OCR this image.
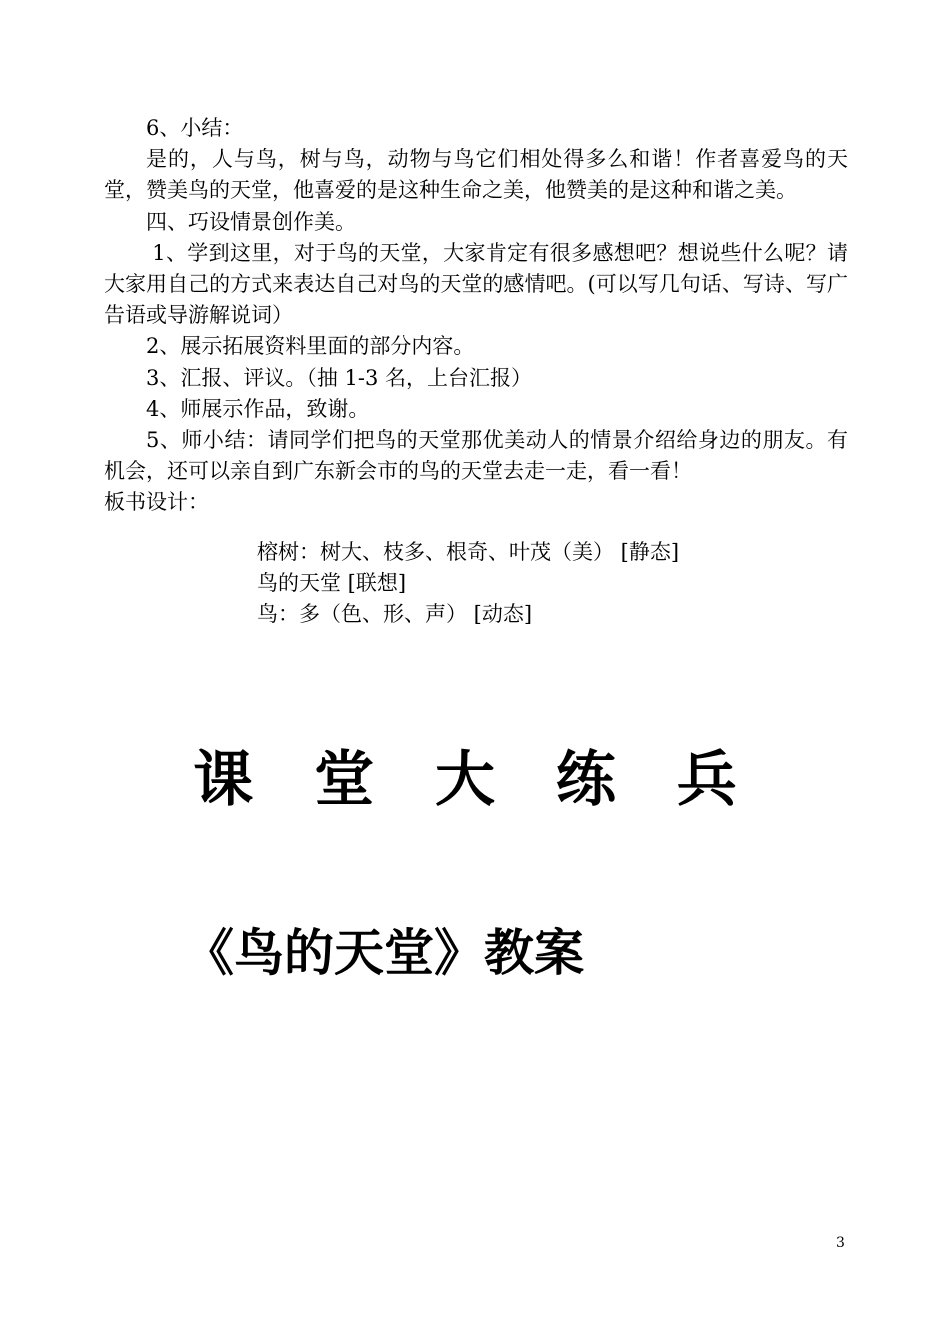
6、小结：

是的，人与鸟，树与鸟，动物与鸟它们相处得多么和谐！作者喜爱鸟的天堂，赞美鸟的天堂，他喜爱的是这种生命之美，他赞美的是这种和谐之美。

四、巧设情景创作美。

1、学到这里，对于鸟的天堂，大家肯定有很多感想吧？想说些什么呢？请大家用自己的方式来表达自己对鸟的天堂的感情吧。(可以写几句话、写诗、写广告语或导游解说词）

2、展示拓展资料里面的部分内容。

3、汇报、评议。（抽 1-3 名，上台汇报）

4、师展示作品，致谢。

5、师小结：请同学们把鸟的天堂那优美动人的情景介绍给身边的朋友。有机会，还可以亲自到广东新会市的鸟的天堂去走一走，看一看！

板书设计：

榕树：树大、枝多、根奇、叶茂（美） [静态]
鸟的天堂 [联想]
鸟：多（色、形、声） [动态]
课 堂 大 练 兵
《鸟的天堂》教案
3
